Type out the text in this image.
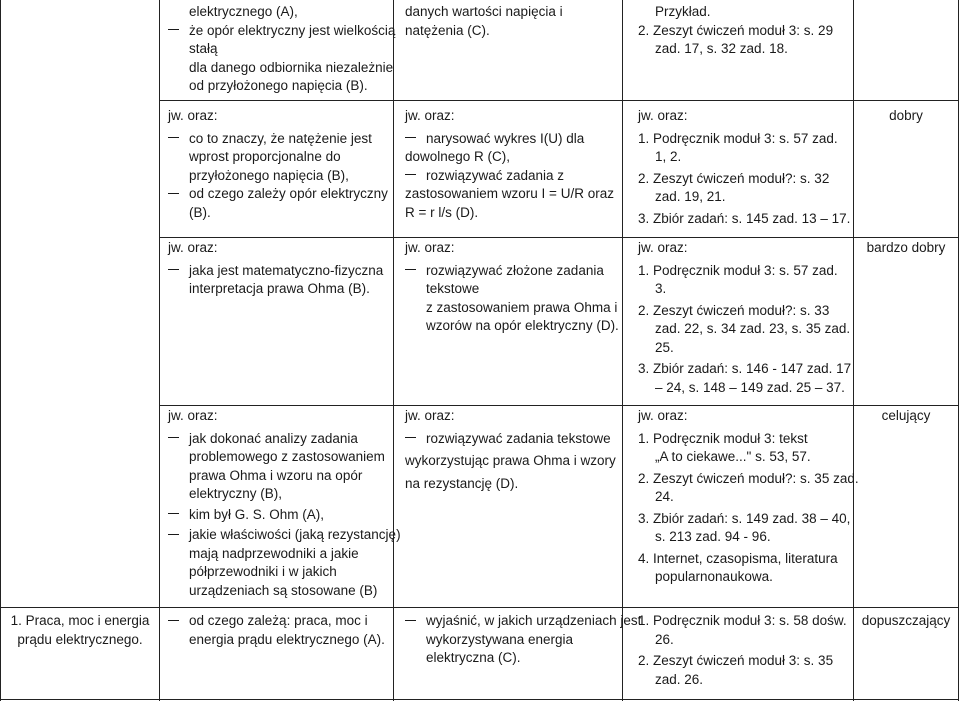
elektrycznego (A),
że opór elektryczny jest wielkością
stałą
dla danego odbiornika niezależnie
od przyłożonego napięcia (B).
jw. oraz:
co to znaczy, że natężenie jest
wprost proporcjonalne do
przyłożonego napięcia (B),
od czego zależy opór elektryczny
(B).
jw. oraz:
jaka jest matematyczno-fizyczna
interpretacja prawa Ohma (B).
jw. oraz:
jak dokonać analizy zadania
problemowego z zastosowaniem
prawa Ohma i wzoru na opór
elektryczny (B),
kim był G. S. Ohm (A),
jakie właściwości (jaką rezystancję)
mają nadprzewodniki a jakie
półprzewodniki i w jakich
urządzeniach są stosowane (B)
od czego zależą: praca, moc i
energia prądu elektrycznego (A).
danych wartości napięcia i
natężenia (C).
jw. oraz:
narysować wykres I(U) dla
dowolnego R (C),
rozwiązywać zadania z
zastosowaniem wzoru I = U/R oraz
R = r l/s (D).
jw. oraz:
rozwiązywać złożone zadania
tekstowe
z zastosowaniem prawa Ohma i
wzorów na opór elektryczny (D).
jw. oraz:
rozwiązywać zadania tekstowe
wykorzystując prawa Ohma i wzory
na rezystancję (D).
wyjaśnić, w jakich urządzeniach jest
wykorzystywana energia
elektryczna (C).
Przykład.
2. Zeszyt ćwiczeń moduł 3: s. 29
zad. 17, s. 32 zad. 18.
jw. oraz:
1. Podręcznik moduł 3: s. 57 zad.
1, 2.
2. Zeszyt ćwiczeń moduł?: s. 32
zad. 19, 21.
3. Zbiór zadań: s. 145 zad. 13 – 17.
jw. oraz:
1. Podręcznik moduł 3: s. 57 zad.
3.
2. Zeszyt ćwiczeń moduł?: s. 33
zad. 22, s. 34 zad. 23, s. 35 zad.
25.
3. Zbiór zadań: s. 146 - 147 zad. 17
– 24, s. 148 – 149 zad. 25 – 37.
jw. oraz:
1. Podręcznik moduł 3: tekst
„A to ciekawe..." s. 53, 57.
2. Zeszyt ćwiczeń moduł?: s. 35 zad.
24.
3. Zbiór zadań: s. 149 zad. 38 – 40,
s. 213 zad. 94 - 96.
4. Internet, czasopisma, literatura
popularnonaukowa.
1. Podręcznik moduł 3: s. 58 dośw.
26.
2. Zeszyt ćwiczeń moduł 3: s. 35
zad. 26.
dobry
bardzo dobry
celujący
dopuszczający
1. Praca, moc i energia
prądu elektrycznego.
